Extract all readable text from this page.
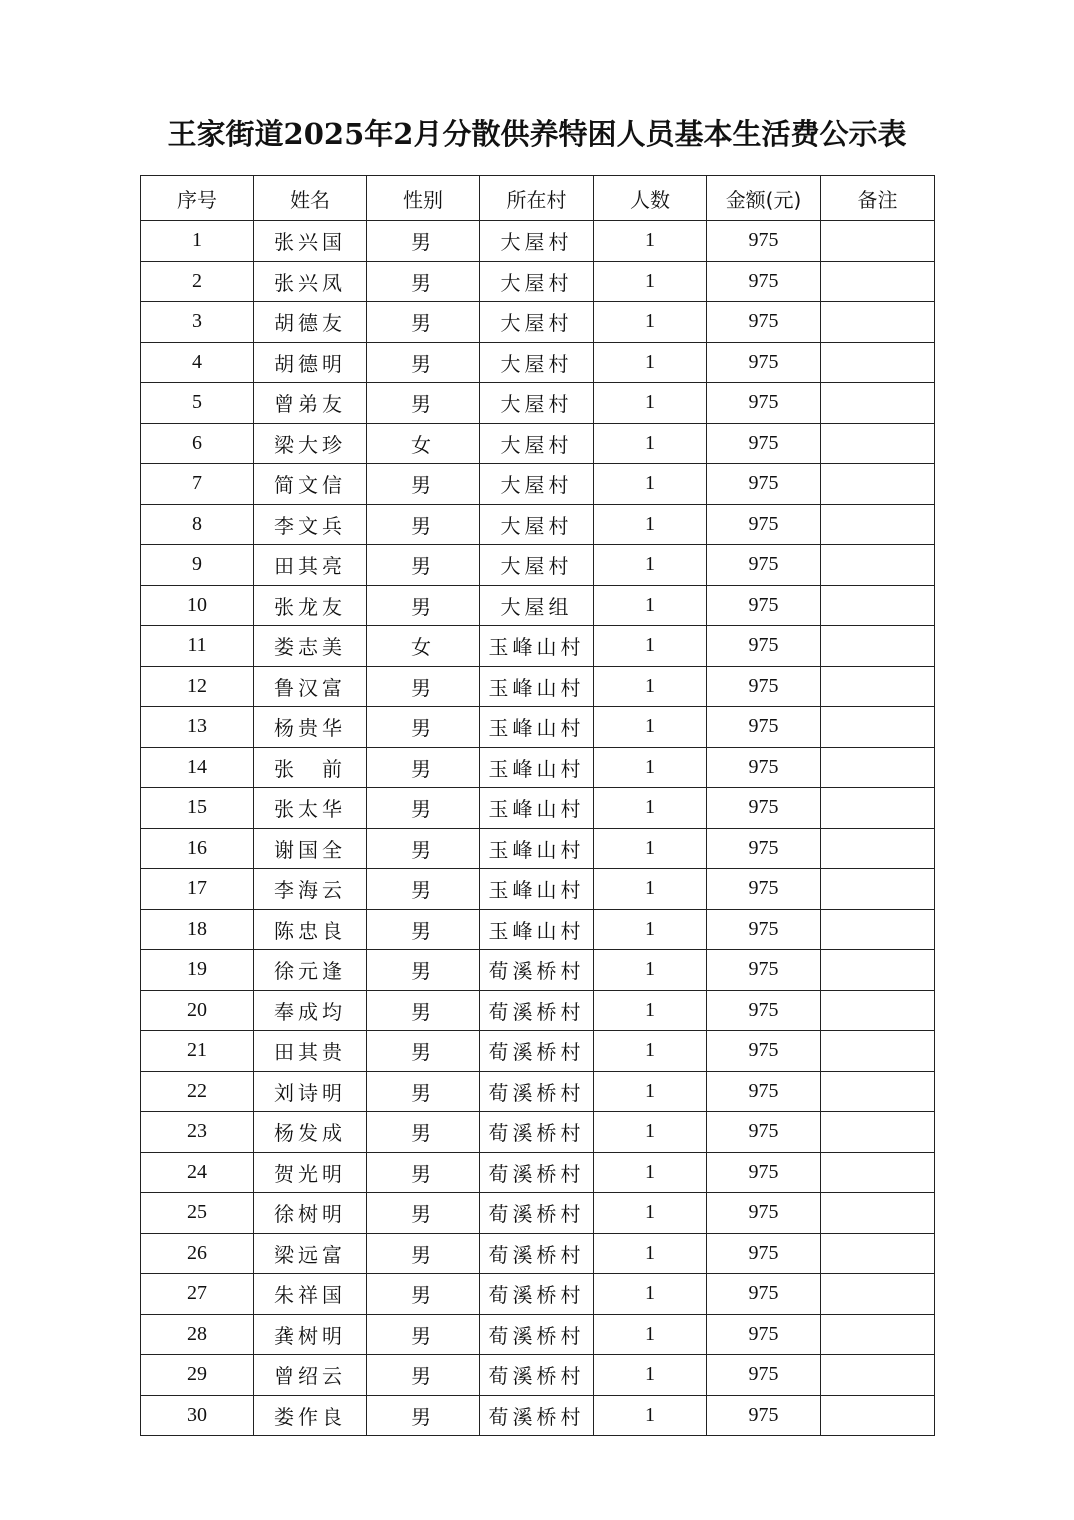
王家街道2025年2月分散供养特困人员基本生活费公示表
序号	姓名	性别	所在村	人数	金额(元)	备注
1	张兴国	男	大屋村	1	975	
2	张兴凤	男	大屋村	1	975	
3	胡德友	男	大屋村	1	975	
4	胡德明	男	大屋村	1	975	
5	曾弟友	男	大屋村	1	975	
6	梁大珍	女	大屋村	1	975	
7	简文信	男	大屋村	1	975	
8	李文兵	男	大屋村	1	975	
9	田其亮	男	大屋村	1	975	
10	张龙友	男	大屋组	1	975	
11	娄志美	女	玉峰山村	1	975	
12	鲁汉富	男	玉峰山村	1	975	
13	杨贵华	男	玉峰山村	1	975	
14	张　前	男	玉峰山村	1	975	
15	张太华	男	玉峰山村	1	975	
16	谢国全	男	玉峰山村	1	975	
17	李海云	男	玉峰山村	1	975	
18	陈忠良	男	玉峰山村	1	975	
19	徐元逢	男	荀溪桥村	1	975	
20	奉成均	男	荀溪桥村	1	975	
21	田其贵	男	荀溪桥村	1	975	
22	刘诗明	男	荀溪桥村	1	975	
23	杨发成	男	荀溪桥村	1	975	
24	贺光明	男	荀溪桥村	1	975	
25	徐树明	男	荀溪桥村	1	975	
26	梁远富	男	荀溪桥村	1	975	
27	朱祥国	男	荀溪桥村	1	975	
28	龚树明	男	荀溪桥村	1	975	
29	曾绍云	男	荀溪桥村	1	975	
30	娄作良	男	荀溪桥村	1	975	
